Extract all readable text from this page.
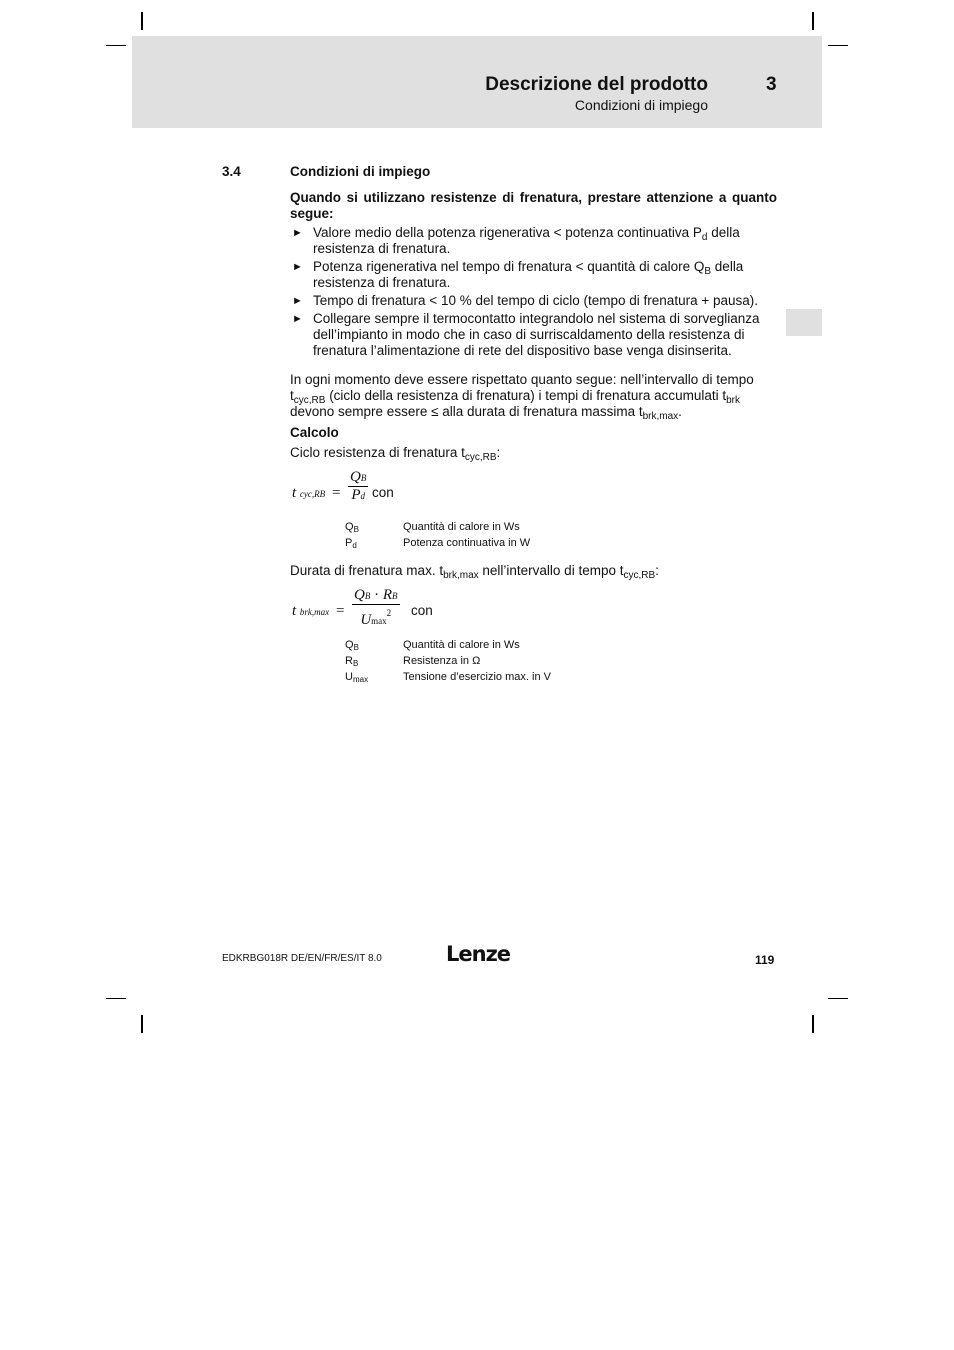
Descrizione del prodotto	3
Condizioni di impiego
3.4	Condizioni di impiego

Quando si utilizzano resistenze di frenatura, prestare attenzione a quanto segue:

► Valore medio della potenza rigenerativa < potenza continuativa $P_d$ della resistenza di frenatura.
► Potenza rigenerativa nel tempo di frenatura < quantità di calore $Q_B$ della resistenza di frenatura.
► Tempo di frenatura < 10 % del tempo di ciclo (tempo di frenatura + pausa).
► Collegare sempre il termocontatto integrandolo nel sistema di sorveglianza dell’impianto in modo che in caso di surriscaldamento della resistenza di frenatura l’alimentazione di rete del dispositivo base venga disinserita.

In ogni momento deve essere rispettato quanto segue: nell’intervallo di tempo $t_{cyc,RB}$ (ciclo della resistenza di frenatura) i tempi di frenatura accumulati $t_{brk}$ devono sempre essere ≤ alla durata di frenatura massima $t_{brk,max}$.

Calcolo
Ciclo resistenza di frenatura $t_{cyc,RB}$:
t $cyc,RB = \frac{QB}{Pd}$ con
$Q_B$	Quantità di calore in Ws
$P_d$	Potenza continuativa in W
Durata di frenatura max. $t_{brk,max}$ nell’intervallo di tempo $t_{cyc,RB}$:
t brk,max =
QB · RB
Umax$^2$	con
$Q_B$	Quantità di calore in Ws
$R_B$	Resistenza in Ω
$U_{max}$	Tensione d’esercizio max. in V
EDKRBG018R DE/EN/FR/ES/IT 8.0	Lenze	119
